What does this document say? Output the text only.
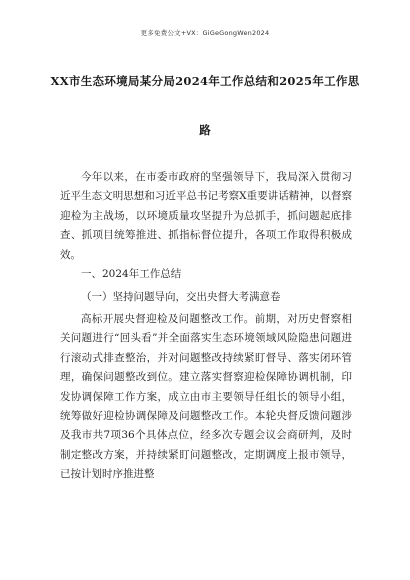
更多免费公文+VX：GiGeGongWen2024
XX市生态环境局某分局2024年工作总结和2025年工作思
路
今年以来，在市委市政府的坚强领导下，我局深入贯彻习近平生态文明思想和习近平总书记考察X重要讲话精神，以督察迎检为主战场，以环境质量攻坚提升为总抓手，抓问题起底排查、抓项目统筹推进、抓指标督位提升，各项工作取得积极成效。
一、2024年工作总结
（一）坚持问题导向，交出央督大考满意卷
高标开展央督迎检及问题整改工作。前期，对历史督察相关问题进行“回头看”并全面落实生态环境领域风险隐患问题进行滚动式排查整治，并对问题整改持续紧盯督导、落实闭环管理，确保问题整改到位。建立落实督察迎检保障协调机制，印发协调保障工作方案，成立由市主要领导任组长的领导小组，统筹做好迎检协调保障及问题整改工作。本轮央督反馈问题涉及我市共7项36个具体点位，经多次专题会议会商研判，及时制定整改方案，并持续紧盯问题整改，定期调度上报市领导，已按计划时序推进整
